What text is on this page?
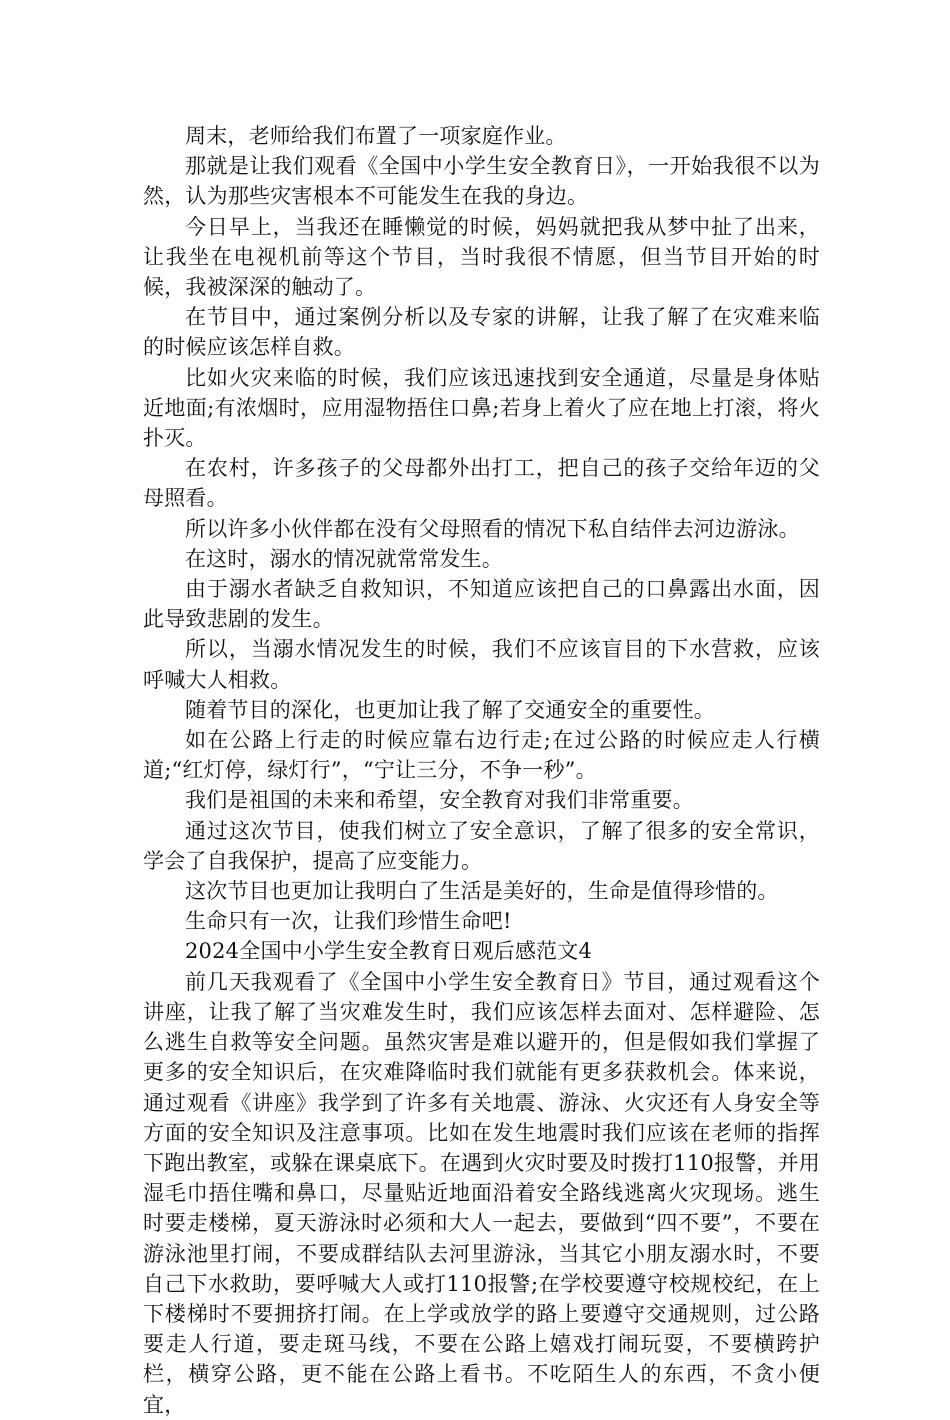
周末，老师给我们布置了一项家庭作业。

那就是让我们观看《全国中小学生安全教育日》，一开始我很不以为然，认为那些灾害根本不可能发生在我的身边。

今日早上，当我还在睡懒觉的时候，妈妈就把我从梦中扯了出来，让我坐在电视机前等这个节目，当时我很不情愿，但当节目开始的时候，我被深深的触动了。

在节目中，通过案例分析以及专家的讲解，让我了解了在灾难来临的时候应该怎样自救。

比如火灾来临的时候，我们应该迅速找到安全通道，尽量是身体贴近地面;有浓烟时，应用湿物捂住口鼻;若身上着火了应在地上打滚，将火扑灭。

在农村，许多孩子的父母都外出打工，把自己的孩子交给年迈的父母照看。

所以许多小伙伴都在没有父母照看的情况下私自结伴去河边游泳。

在这时，溺水的情况就常常发生。

由于溺水者缺乏自救知识，不知道应该把自己的口鼻露出水面，因此导致悲剧的发生。

所以，当溺水情况发生的时候，我们不应该盲目的下水营救，应该呼喊大人相救。

随着节目的深化，也更加让我了解了交通安全的重要性。

如在公路上行走的时候应靠右边行走;在过公路的时候应走人行横道;“红灯停，绿灯行”，“宁让三分，不争一秒”。

我们是祖国的未来和希望，安全教育对我们非常重要。

通过这次节目，使我们树立了安全意识，了解了很多的安全常识，学会了自我保护，提高了应变能力。

这次节目也更加让我明白了生活是美好的，生命是值得珍惜的。

生命只有一次，让我们珍惜生命吧!

2024全国中小学生安全教育日观后感范文4

前几天我观看了《全国中小学生安全教育日》节目，通过观看这个讲座，让我了解了当灾难发生时，我们应该怎样去面对、怎样避险、怎么逃生自救等安全问题。虽然灾害是难以避开的，但是假如我们掌握了更多的安全知识后，在灾难降临时我们就能有更多获救机会。体来说，通过观看《讲座》我学到了许多有关地震、游泳、火灾还有人身安全等方面的安全知识及注意事项。比如在发生地震时我们应该在老师的指挥下跑出教室，或躲在课桌底下。在遇到火灾时要及时拨打110报警，并用湿毛巾捂住嘴和鼻口，尽量贴近地面沿着安全路线逃离火灾现场。逃生时要走楼梯，夏天游泳时必须和大人一起去，要做到“四不要”，不要在游泳池里打闹，不要成群结队去河里游泳，当其它小朋友溺水时，不要自己下水救助，要呼喊大人或打110报警;在学校要遵守校规校纪，在上下楼梯时不要拥挤打闹。在上学或放学的路上要遵守交通规则，过公路要走人行道，要走斑马线，不要在公路上嬉戏打闹玩耍，不要横跨护栏，横穿公路，更不能在公路上看书。不吃陌生人的东西，不贪小便宜，
